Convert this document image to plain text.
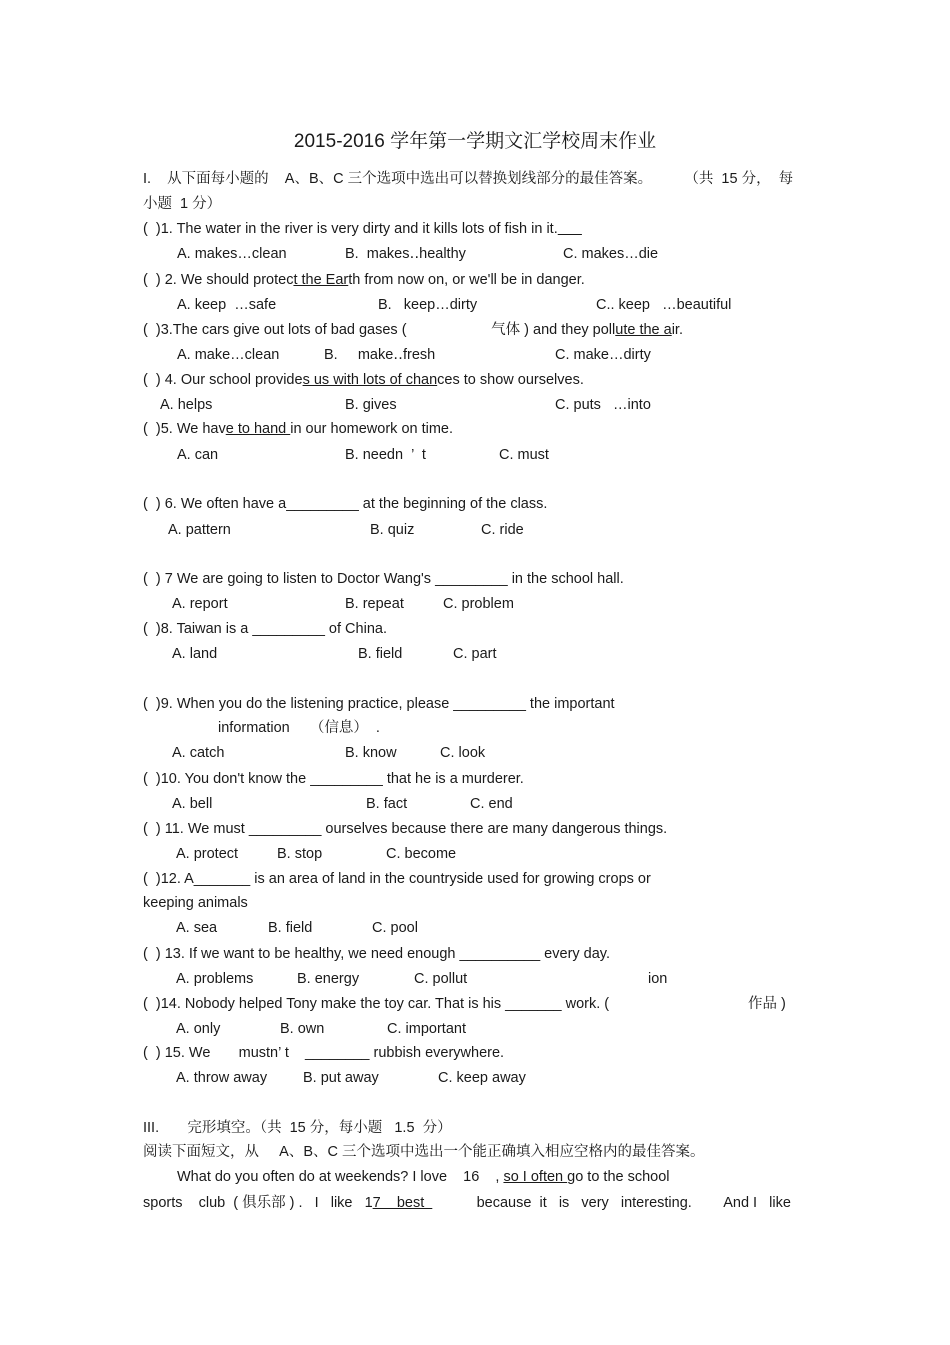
2015-2016 学年第一学期文汇学校周末作业
I.    从下面每小题的    A、B、C 三个选项中选出可以替换划线部分的最佳答案。        （共  15 分，  每
小题  1 分）
(  )1. The water in the river is very dirty and it kills lots of fish in it.
A. makes…clean	B.  makes‥healthy	C. makes…die
(  ) 2. We should protect the Earth from now on, or we'll be in danger.
A. keep  …safe	B.   keep…dirty	C.. keep   …beautiful
(  )3.The cars give out lots of bad gases (                     气体 ) and they pollute the air.
A. make…clean	B.     make‥fresh	C. make…dirty
(  ) 4. Our school provides us with lots of chances to show ourselves.
A. helps	B. gives	C. puts   …into
(  )5. We have to hand in our homework on time.
A. can	B. needn  ’  t	C. must
(  ) 6. We often have a_________ at the beginning of the class.
A. pattern	B. quiz	C. ride
(  ) 7 We are going to listen to Doctor Wang's _________ in the school hall.
A. report	B. repeat	C. problem
(  )8. Taiwan is a _________ of China.
A. land	B. field	C. part
(  )9. When you do the listening practice, please _________ the important
information     （信息）  .
A. catch	B. know	C. look
(  )10. You don't know the _________ that he is a murderer.
A. bell	B. fact	C. end
(  ) 11. We must _________ ourselves because there are many dangerous things.
A. protect	B. stop	C. become
(  )12. A_______ is an area of land in the countryside used for growing crops or
keeping animals
A. sea	B. field	C. pool
(  ) 13. If we want to be healthy, we need enough __________ every day.
A. problems	B. energy	C. pollut	ion
(  )14. Nobody helped Tony make the toy car. That is his _______ work. (	作品 )
A. only	B. own	C. important
(  ) 15. We       mustn’ t    ________ rubbish everywhere.
A. throw away B. put away	C. keep away
III.       完形填空。（共  15 分，每小题   1.5  分）
阅读下面短文，从     A、B、C 三个选项中选出一个能正确填入相应空格内的最佳答案。
What do you often do at weekends? I love    16    , so I often go to the school
sports    club  ( 俱乐部 ) .   I   like   17    best             because  it   is   very   interesting.        And I   like
